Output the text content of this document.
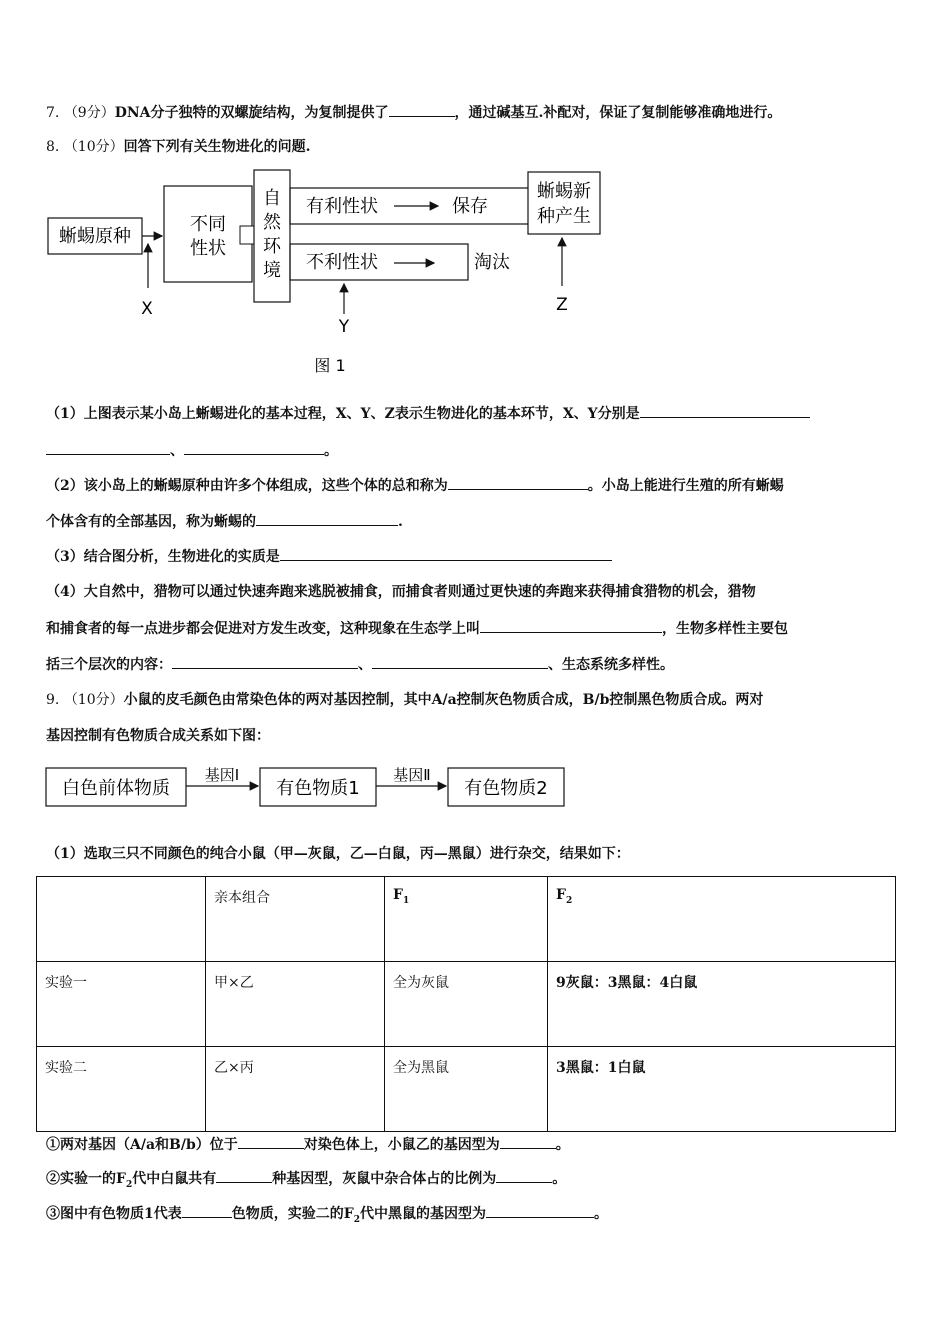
7. （9分）DNA分子独特的双螺旋结构，为复制提供了	，通过碱基互.补配对，保证了复制能够准确地进行。
8. （10分）回答下列有关生物进化的问题.
蜥蜴原种
不同
性状
自
然
环
境
有利性状	保存
蜥蜴新
种产生
不利性状	淘汰
X
Y
Z
图 1
（1）上图表示某小岛上蜥蜴进化的基本过程，X、Y、Z表示生物进化的基本环节，X、Y分别是
、	。
（2）该小岛上的蜥蜴原种由许多个体组成，这些个体的总和称为	。小岛上能进行生殖的所有蜥蜴
个体含有的全部基因，称为蜥蜴的	.
（3）结合图分析，生物进化的实质是
（4）大自然中，猎物可以通过快速奔跑来逃脱被捕食，而捕食者则通过更快速的奔跑来获得捕食猎物的机会，猎物
和捕食者的每一点进步都会促进对方发生改变，这种现象在生态学上叫	，生物多样性主要包
括三个层次的内容：	、	、生态系统多样性。
9. （10分）小鼠的皮毛颜色由常染色体的两对基因控制，其中A/a控制灰色物质合成，B/b控制黑色物质合成。两对
基因控制有色物质合成关系如下图：
白色前体物质
基因Ⅰ
有色物质1
基因Ⅱ
有色物质2
（1）选取三只不同颜色的纯合小鼠（甲—灰鼠，乙—白鼠，丙—黑鼠）进行杂交，结果如下：
	亲本组合	$F_1$	$F_2$
实验一	甲×乙	全为灰鼠	9灰鼠：3黑鼠：4白鼠
实验二	乙×丙	全为黑鼠	3黑鼠：1白鼠
①两对基因（A/a和B/b）位于	对染色体上，小鼠乙的基因型为	。
②实验一的$F_2$代中白鼠共有	种基因型，灰鼠中杂合体占的比例为	。
③图中有色物质1代表	色物质，实验二的$F_2$代中黑鼠的基因型为	。
